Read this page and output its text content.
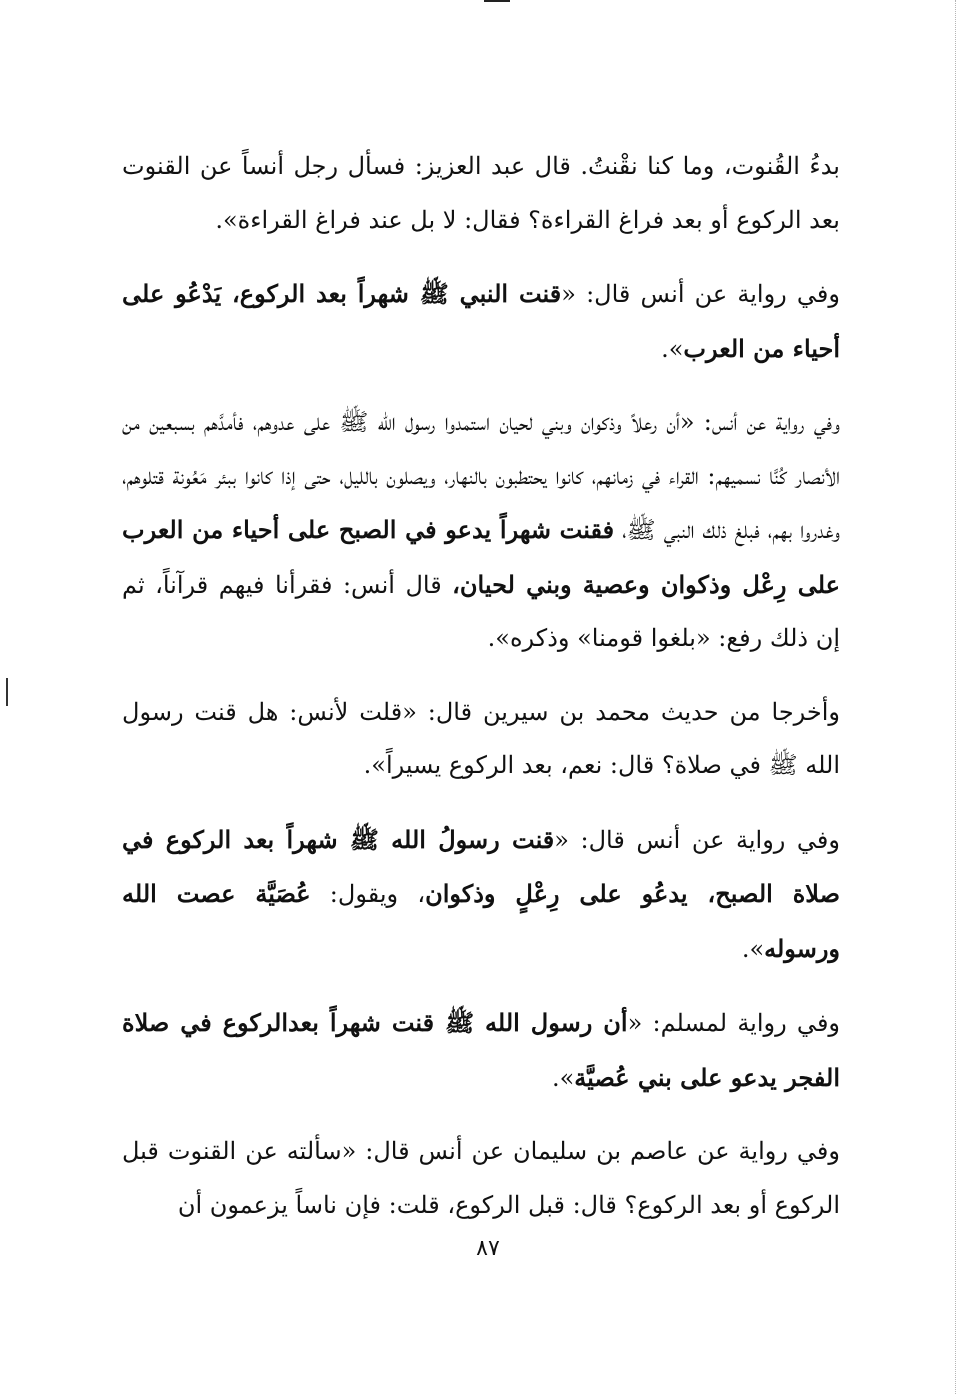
بدءُ القُنوت، وما كنا نقْنتُ. قال عبد العزيز: فسأل رجل أنساً عن القنوت بعد الركوع أو بعد فراغ القراءة؟ فقال: لا بل عند فراغ القراءة».

وفي رواية عن أنس قال: «قنت النبي ﷺ شهراً بعد الركوع، يَدْعُو على أحياء من العرب».

وفي رواية عن أنس: «أن رعلاً وذكوان وبني لحيان استمدوا رسول الله ﷺ على عدوهم، فأمدَّهم بسبعين من الأنصار كُنَّا نسميهم: القراء في زمانهم، كانوا يحتطبون بالنهار، ويصلون بالليل، حتى إذا كانوا ببئر مَعُونة قتلوهم، وغدروا بهم، فبلغ ذلك النبي ﷺ، فقنت شهراً يدعو في الصبح على أحياء من العرب على رِعْل وذكوان وعصية وبني لحيان، قال أنس: فقرأنا فيهم قرآناً، ثم إن ذلك رفع: «بلغوا قومنا» وذكره».

وأخرجا من حديث محمد بن سيرين قال: «قلت لأنس: هل قنت رسول الله ﷺ في صلاة؟ قال: نعم، بعد الركوع يسيراً».

وفي رواية عن أنس قال: «قنت رسولُ الله ﷺ شهراً بعد الركوع في صلاة الصبح، يدعُو على رِعْلٍ وذكوان، ويقول: عُصَيَّة عصت الله ورسوله».

وفي رواية لمسلم: «أن رسول الله ﷺ قنت شهراً بعدالركوع في صلاة الفجر يدعو على بني عُصيَّة».

وفي رواية عن عاصم بن سليمان عن أنس قال: «سألته عن القنوت قبل الركوع أو بعد الركوع؟ قال: قبل الركوع، قلت: فإن ناساً يزعمون أن

٨٧
